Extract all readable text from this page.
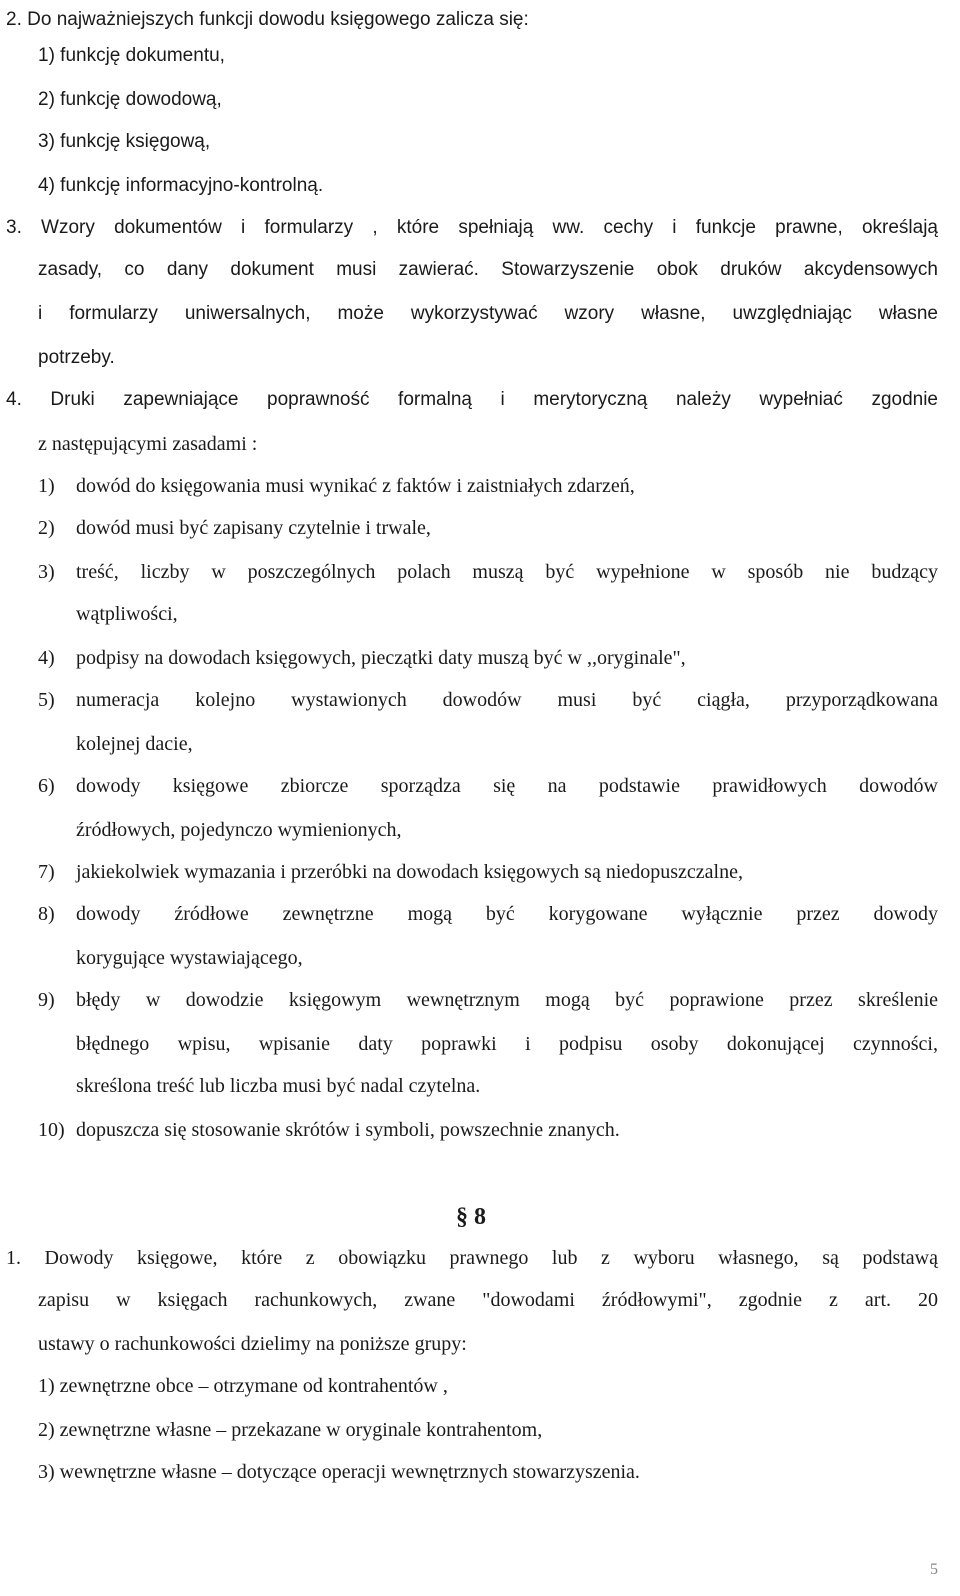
2. Do najważniejszych funkcji dowodu księgowego zalicza się:
1) funkcję dokumentu,
2) funkcję dowodową,
3) funkcję księgową,
4) funkcję informacyjno-kontrolną.
3. Wzory dokumentów i formularzy , które spełniają ww. cechy i funkcje prawne, określają
zasady, co dany dokument musi zawierać. Stowarzyszenie obok druków akcydensowych
i formularzy uniwersalnych, może wykorzystywać wzory własne, uwzględniając własne
potrzeby.
4. Druki zapewniające poprawność formalną i merytoryczną należy wypełniać zgodnie
z następującymi zasadami :
1) dowód do księgowania musi wynikać z faktów i zaistniałych zdarzeń,
2) dowód musi być zapisany czytelnie i trwale,
3) treść, liczby w poszczególnych polach muszą być wypełnione w sposób nie budzący
wątpliwości,
4) podpisy na dowodach księgowych, pieczątki daty muszą być w ,,oryginale",
5) numeracja kolejno wystawionych dowodów musi być ciągła, przyporządkowana
kolejnej dacie,
6) dowody księgowe zbiorcze sporządza się na podstawie prawidłowych dowodów
źródłowych, pojedynczo wymienionych,
7) jakiekolwiek wymazania i przeróbki na dowodach księgowych są niedopuszczalne,
8) dowody źródłowe zewnętrzne mogą być korygowane wyłącznie przez dowody
korygujące wystawiającego,
9) błędy w dowodzie księgowym wewnętrznym mogą być poprawione przez skreślenie
błędnego wpisu, wpisanie daty poprawki i podpisu osoby dokonującej czynności,
skreślona treść lub liczba musi być nadal czytelna.
10) dopuszcza się stosowanie skrótów i symboli, powszechnie znanych.
§ 8
1. Dowody księgowe, które z obowiązku prawnego lub z wyboru własnego, są podstawą
zapisu w księgach rachunkowych, zwane "dowodami źródłowymi", zgodnie z art. 20
ustawy o rachunkowości dzielimy na poniższe grupy:
1) zewnętrzne obce – otrzymane od kontrahentów ,
2) zewnętrzne własne – przekazane w oryginale kontrahentom,
3) wewnętrzne własne – dotyczące operacji wewnętrznych stowarzyszenia.
5
